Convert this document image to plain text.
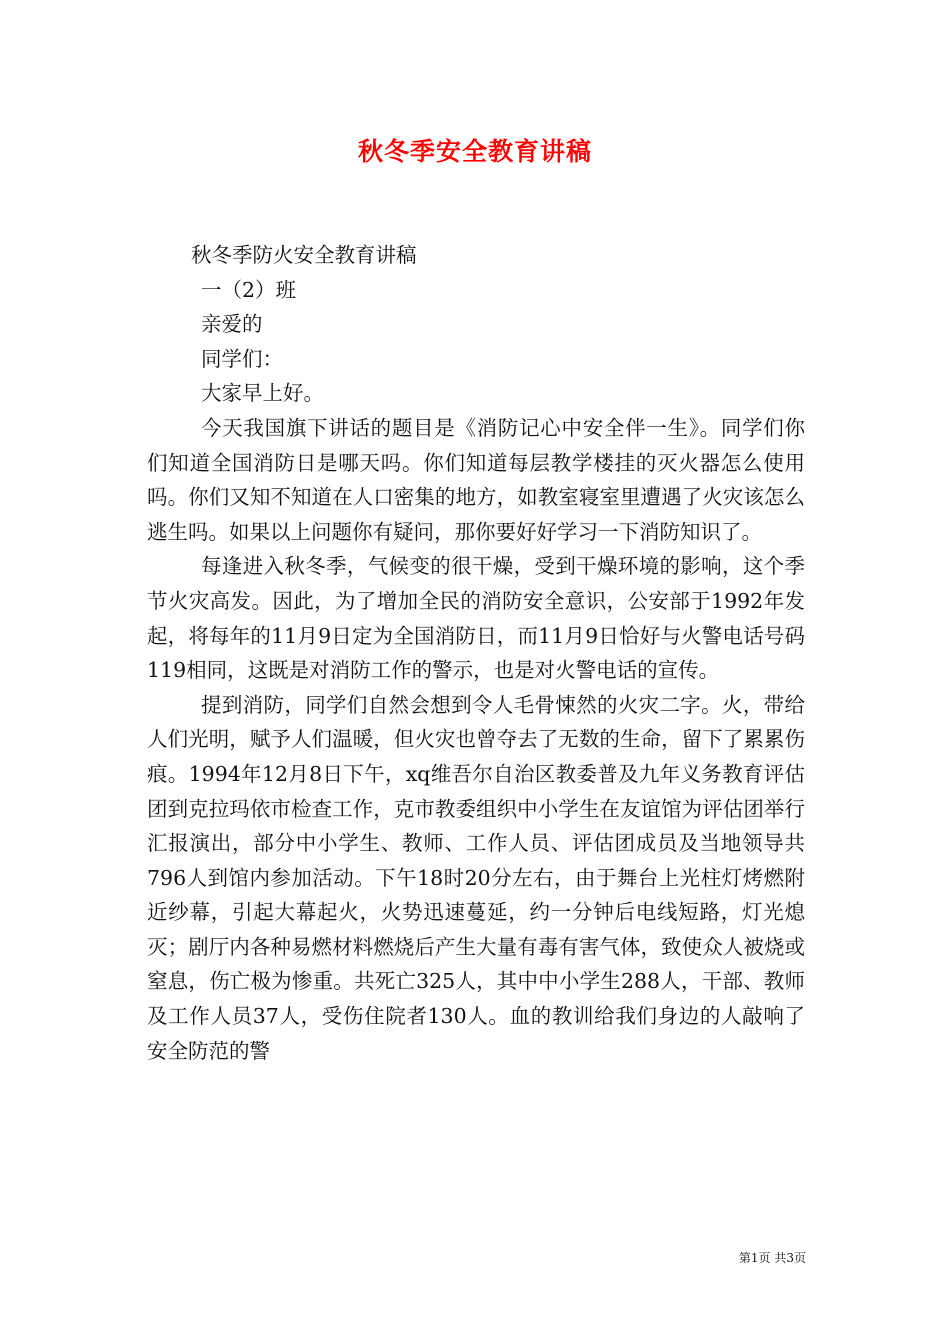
秋冬季安全教育讲稿

秋冬季防火安全教育讲稿

一（2）班

亲爱的

同学们：

大家早上好。

今天我国旗下讲话的题目是《消防记心中安全伴一生》。同学们你们知道全国消防日是哪天吗。你们知道每层教学楼挂的灭火器怎么使用吗。你们又知不知道在人口密集的地方，如教室寝室里遭遇了火灾该怎么逃生吗。如果以上问题你有疑问，那你要好好学习一下消防知识了。

每逢进入秋冬季，气候变的很干燥，受到干燥环境的影响，这个季节火灾高发。因此，为了增加全民的消防安全意识，公安部于1992年发起，将每年的11月9日定为全国消防日，而11月9日恰好与火警电话号码119相同，这既是对消防工作的警示，也是对火警电话的宣传。

提到消防，同学们自然会想到令人毛骨悚然的火灾二字。火，带给人们光明，赋予人们温暖，但火灾也曾夺去了无数的生命，留下了累累伤痕。1994年12月8日下午，xq维吾尔自治区教委普及九年义务教育评估团到克拉玛依市检查工作，克市教委组织中小学生在友谊馆为评估团举行汇报演出，部分中小学生、教师、工作人员、评估团成员及当地领导共796人到馆内参加活动。下午18时20分左右，由于舞台上光柱灯烤燃附近纱幕，引起大幕起火，火势迅速蔓延，约一分钟后电线短路，灯光熄灭；剧厅内各种易燃材料燃烧后产生大量有毒有害气体，致使众人被烧或窒息，伤亡极为惨重。共死亡325人，其中中小学生288人，干部、教师及工作人员37人，受伤住院者130人。血的教训给我们身边的人敲响了安全防范的警

第1页 共3页
